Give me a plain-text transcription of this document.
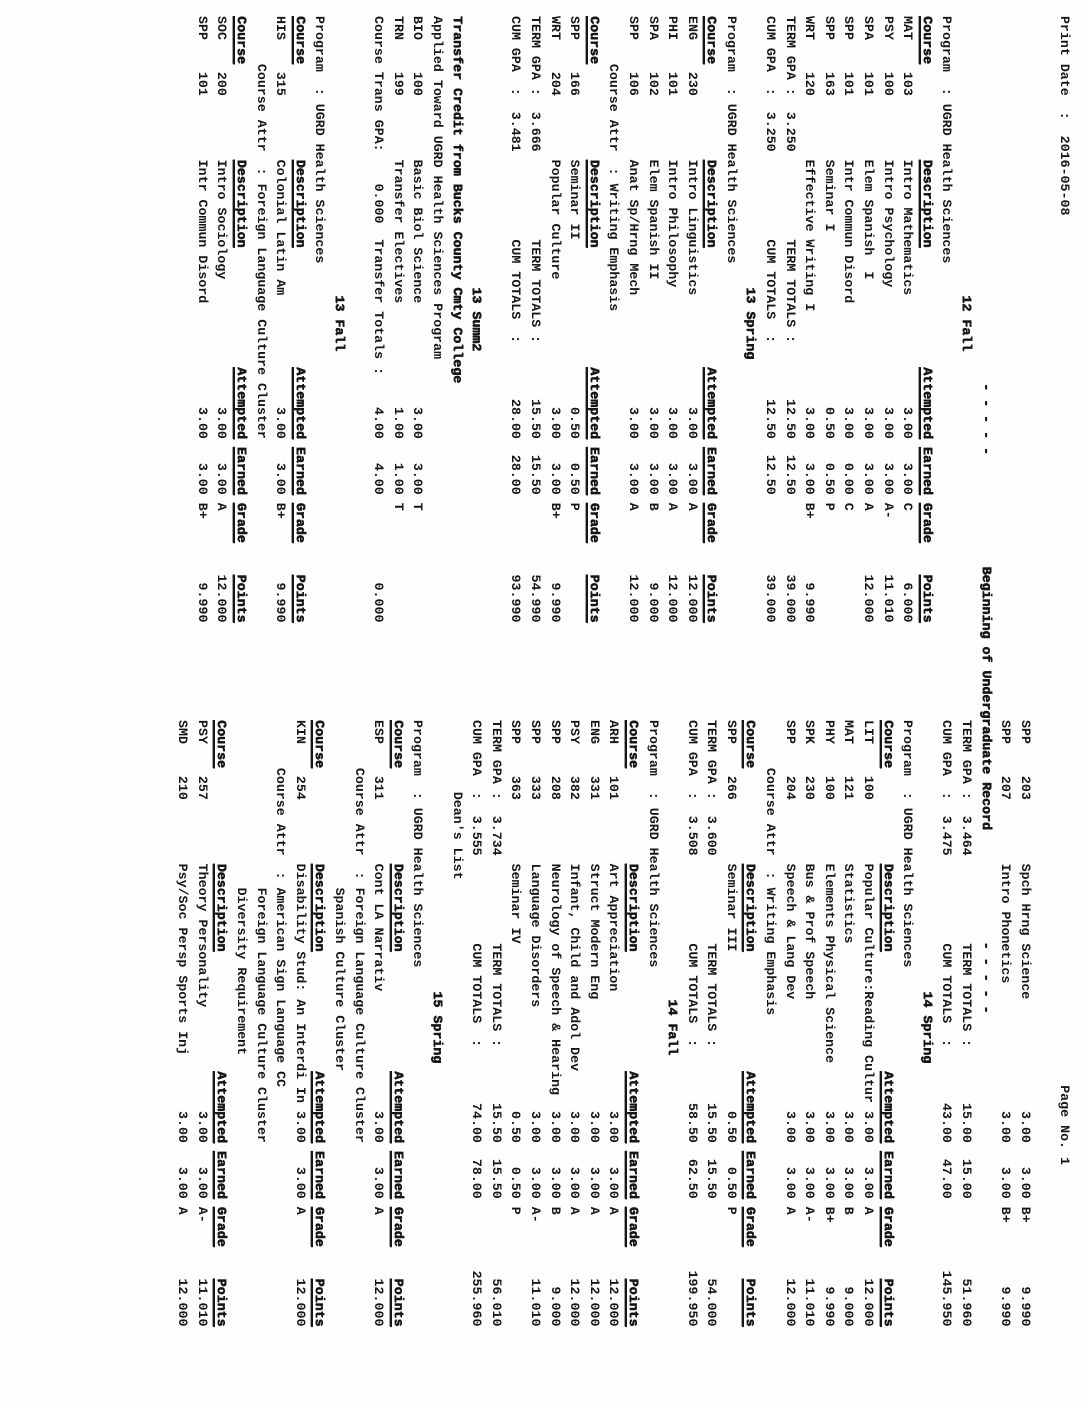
Print Date  :

2016-05-08

Page No. 1

- - - - -              Beginning of Undergraduate Record              - - - - -

12 Fall
Program  : UGRD Health Sciences
Course
Description
Attempted
Earned
Grade
Points
MAT    103        Intro Mathematics              3.00   3.00 C         6.000
PSY    100        Intro Psychology               3.00   3.00 A-       11.010
SPA    101        Elem Spanish  I                3.00   3.00 A        12.000
SPP    101        Intr Commun Disord             3.00   0.00 C
SPP    163        Seminar I                      0.50   0.50 P
WRT    120        Effective Writing I            3.00   3.00 B+        9.990
TERM GPA :  3.250           TERM TOTALS :       12.50  12.50          39.000
CUM GPA  :  3.250           CUM TOTALS  :       12.50  12.50          39.000
13 Spring
Program  : UGRD Health Sciences
Course
Description
Attempted
Earned
Grade
Points
ENG    230        Intro Linguistics              3.00   3.00 A        12.000
PHI    101        Intro Philosophy               3.00   3.00 A        12.000
SPA    102        Elem Spanish II                3.00   3.00 B         9.000
SPP    106        Anat Sp/Hrng Mech              3.00   3.00 A        12.000
Course Attr  : Writing Emphasis
Course
Description
Attempted
Earned
Grade
Points
SPP    166        Seminar II                     0.50   0.50 P
WRT    204        Popular Culture                3.00   3.00 B+        9.990
TERM GPA :  3.666           TERM TOTALS :       15.50  15.50          54.990
CUM GPA  :  3.481           CUM TOTALS  :       28.00  28.00          93.990
13 Summ2
Transfer Credit from Bucks County Cmty College
Applied Toward UGRD Health Sciences Program
BIO    100        Basic Biol Science             3.00   3.00 T
TRN    199        Transfer Electives             1.00   1.00 T
Course Trans GPA:    0.000  Transfer Totals :    4.00   4.00           0.000
13 Fall
Program  : UGRD Health Sciences
Course
Description
Attempted
Earned
Grade
Points
HIS    315        Colonial Latin Am              3.00   3.00 B+        9.990
Course Attr  : Foreign Language Culture Cluster
Course
Description
Attempted
Earned
Grade
Points
SOC    200        Intro Sociology                3.00   3.00 A        12.000
SPP    101        Intr Commun Disord             3.00   3.00 B+        9.990
SPP    203        Spch Hrng Science              3.00   3.00 B+        9.990
SPP    207        Intro Phonetics                3.00   3.00 B+        9.990
TERM GPA :  3.464           TERM TOTALS :       15.00  15.00          51.960
CUM GPA  :  3.475           CUM TOTALS  :       43.00  47.00         145.950
14 Spring
Program  : UGRD Health Sciences
Course
Description
Attempted
Earned
Grade
Points
LIT    100        Popular Culture:Reading Cultur 3.00   3.00 A        12.000
MAT    121        Statistics                     3.00   3.00 B         9.000
PHY    100        Elements Physical Science      3.00   3.00 B+        9.990
SPK    230        Bus & Prof Speech              3.00   3.00 A-       11.010
SPP    204        Speech & Lang Dev              3.00   3.00 A        12.000
Course Attr  : Writing Emphasis
Course
Description
Attempted
Earned
Grade
Points
SPP    266        Seminar III                    0.50   0.50 P
TERM GPA :  3.600           TERM TOTALS :       15.50  15.50          54.000
CUM GPA  :  3.508           CUM TOTALS  :       58.50  62.50         199.950
14 Fall
Program  : UGRD Health Sciences
Course
Description
Attempted
Earned
Grade
Points
ARH    101        Art Appreciation               3.00   3.00 A        12.000
ENG    331        Struct Modern Eng              3.00   3.00 A        12.000
PSY    382        Infant, Child and Adol Dev     3.00   3.00 A        12.000
SPP    208        Neurology of Speech & Hearing  3.00   3.00 B         9.000
SPP    333        Language Disorders             3.00   3.00 A-       11.010
SPP    363        Seminar IV                     0.50   0.50 P
TERM GPA :  3.734           TERM TOTALS :       15.50  15.50          56.010
CUM GPA  :  3.555           CUM TOTALS  :       74.00  78.00         255.960
Dean's List
15 Spring
Program  : UGRD Health Sciences
Course
Description
Attempted
Earned
Grade
Points
ESP    311        Cont LA Narrativ               3.00   3.00 A        12.000
Course Attr  : Foreign Language Culture Cluster
Spanish Culture Cluster
Course
Description
Attempted
Earned
Grade
Points
KIN    254        Disability Stud: An Interdi In 3.00   3.00 A        12.000
Course Attr  : American Sign Language CC
Foreign Language Culture Cluster
Diversity Requirement
Course
Description
Attempted
Earned
Grade
Points
PSY    257        Theory Personality             3.00   3.00 A-       11.010
SMD    210        Psy/Soc Persp Sports Inj       3.00   3.00 A        12.000
